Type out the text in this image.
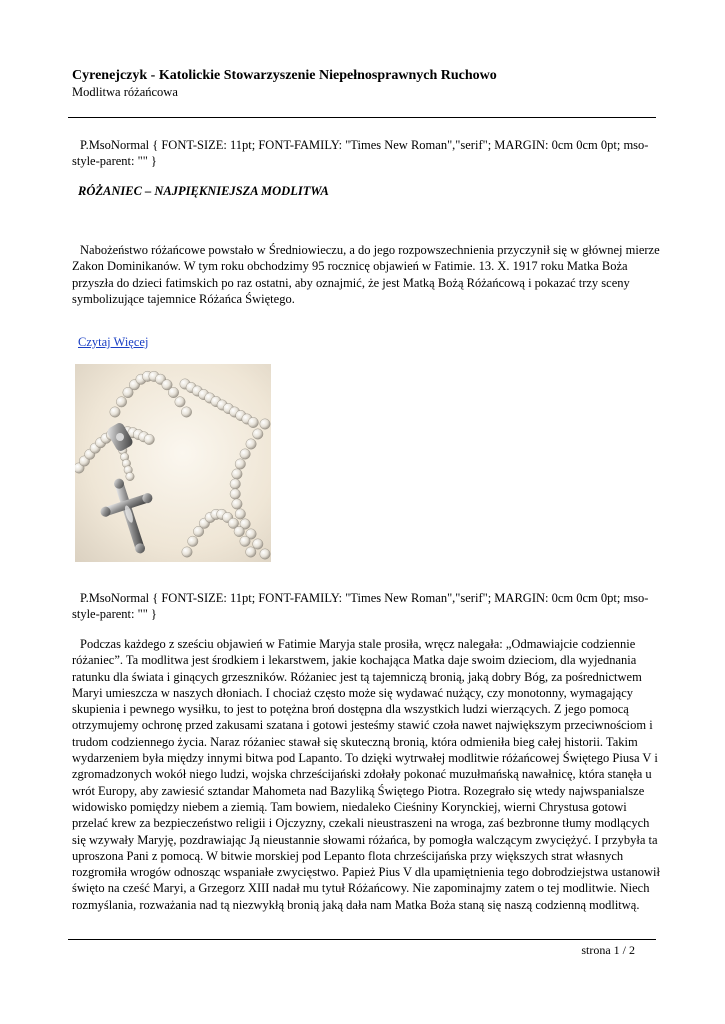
Cyrenejczyk - Katolickie Stowarzyszenie Niepełnosprawnych Ruchowo
Modlitwa różańcowa

P.MsoNormal { FONT-SIZE: 11pt; FONT-FAMILY: "Times New Roman","serif"; MARGIN: 0cm 0cm 0pt; mso-style-parent: "" }

RÓŻANIEC – NAJPIĘKNIEJSZA MODLITWA

Nabożeństwo różańcowe powstało w Średniowieczu, a do jego rozpowszechnienia przyczynił się w głównej mierze Zakon Dominikanów. W tym roku obchodzimy 95 rocznicę objawień w Fatimie. 13. X. 1917 roku Matka Boża przyszła do dzieci fatimskich po raz ostatni, aby oznajmić, że jest Matką Bożą Różańcową i pokazać trzy sceny symbolizujące tajemnice Różańca Świętego.

Czytaj Więcej

P.MsoNormal { FONT-SIZE: 11pt; FONT-FAMILY: "Times New Roman","serif"; MARGIN: 0cm 0cm 0pt; mso-style-parent: "" }

Podczas każdego z sześciu objawień w Fatimie Maryja stale prosiła, wręcz nalegała: „Odmawiajcie codziennie różaniec”. Ta modlitwa jest środkiem i lekarstwem, jakie kochająca Matka daje swoim dzieciom, dla wyjednania ratunku dla świata i ginących grzeszników. Różaniec jest tą tajemniczą bronią, jaką dobry Bóg, za pośrednictwem Maryi umieszcza w naszych dłoniach. I chociaż często może się wydawać nużący, czy monotonny, wymagający skupienia i pewnego wysiłku, to jest to potężna broń dostępna dla wszystkich ludzi wierzących. Z jego pomocą otrzymujemy ochronę przed zakusami szatana i gotowi jesteśmy stawić czoła nawet największym przeciwnościom i trudom codziennego życia. Naraz różaniec stawał się skuteczną bronią, która odmieniła bieg całej historii. Takim wydarzeniem była między innymi bitwa pod Lapanto. To dzięki wytrwałej modlitwie różańcowej Świętego Piusa V i zgromadzonych wokół niego ludzi, wojska chrześcijański zdołały pokonać muzułmańską nawałnicę, która stanęła u wrót Europy, aby zawiesić sztandar Mahometa nad Bazyliką Świętego Piotra. Rozegrało się wtedy najwspanialsze widowisko pomiędzy niebem a ziemią. Tam bowiem, niedaleko Cieśniny Korynckiej, wierni Chrystusa gotowi przelać krew za bezpieczeństwo religii i Ojczyzny, czekali nieustraszeni na wroga, zaś bezbronne tłumy modlących się wzywały Maryję, pozdrawiając Ją nieustannie słowami różańca, by pomogła walczącym zwyciężyć. I przybyła ta uproszona Pani z pomocą. W bitwie morskiej pod Lepanto flota chrześcijańska przy większych strat własnych rozgromiła wrogów odnosząc wspaniałe zwycięstwo. Papież Pius V dla upamiętnienia tego dobrodziejstwa ustanowił święto na cześć Maryi, a Grzegorz XIII nadał mu tytuł Różańcowy. Nie zapominajmy zatem o tej modlitwie. Niech rozmyślania, rozważania nad tą niezwykłą bronią jaką dała nam Matka Boża staną się naszą codzienną modlitwą.

strona 1 / 2
